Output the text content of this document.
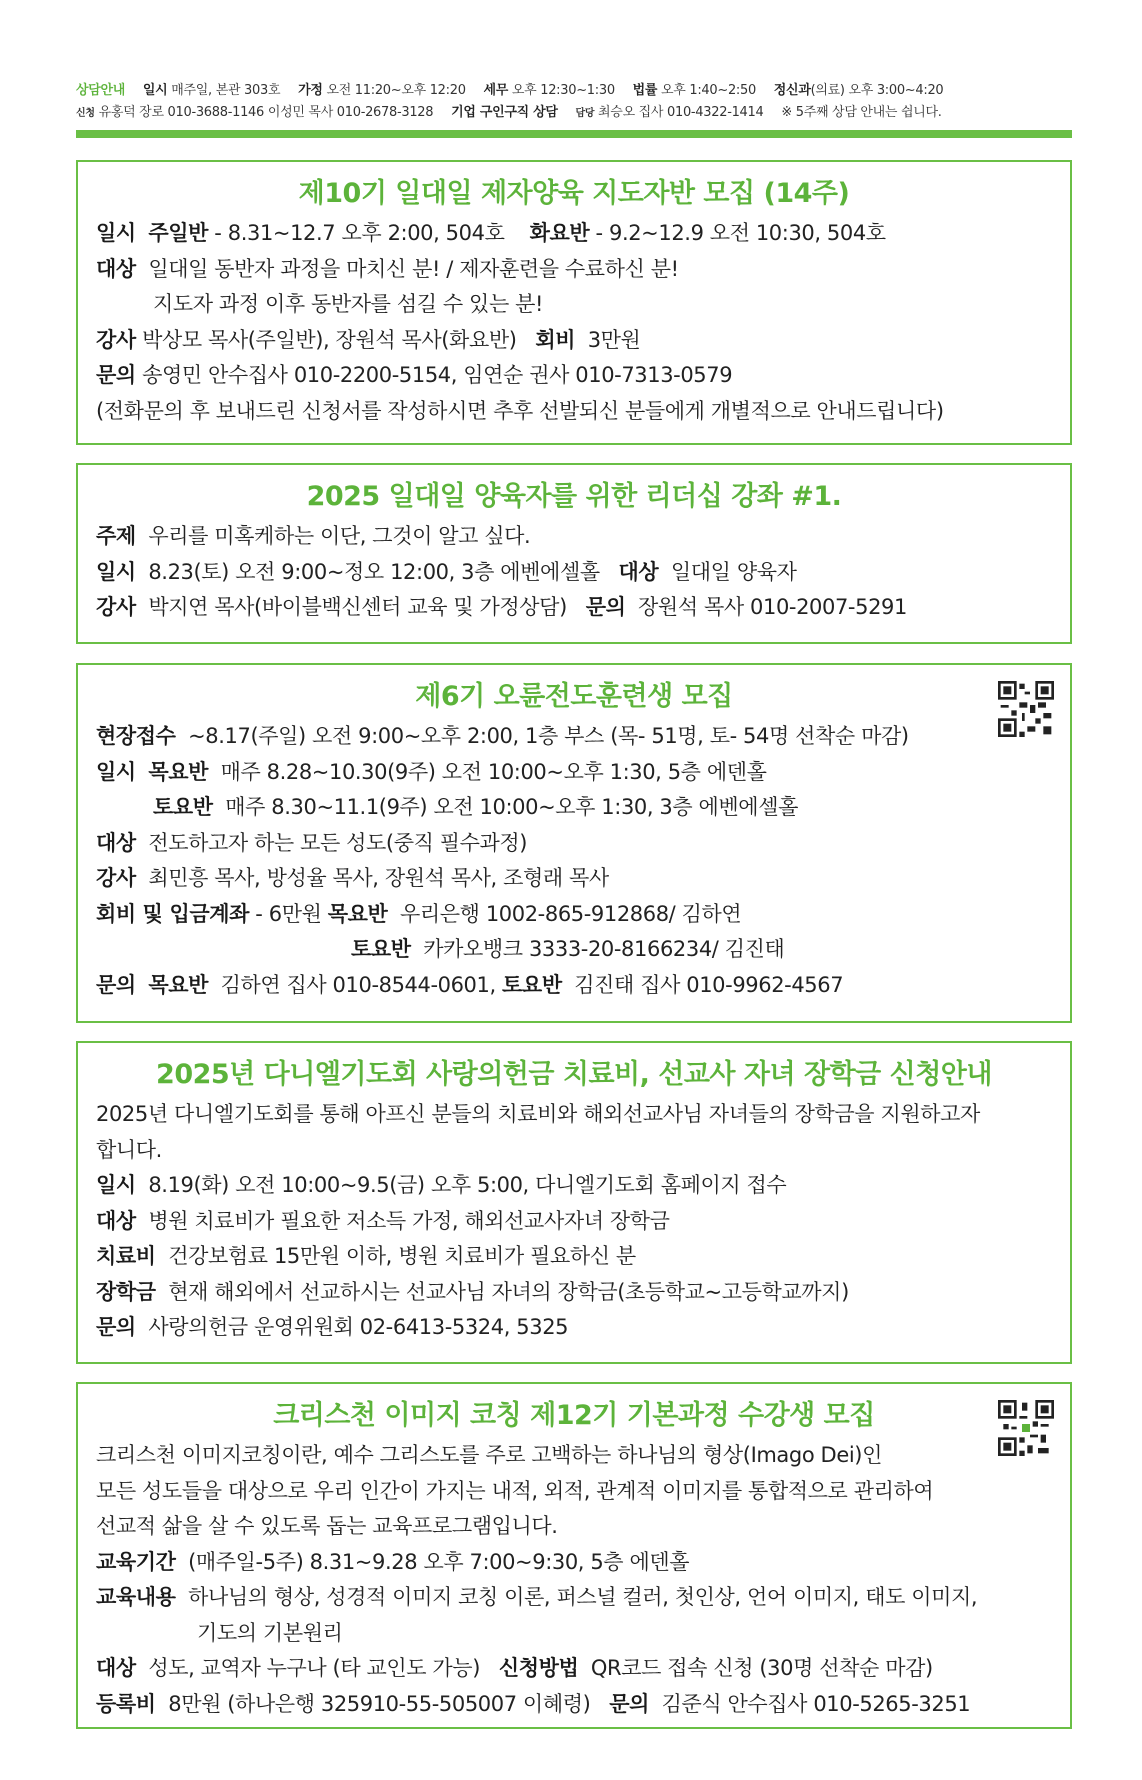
상담안내 일시 매주일, 본관 303호 가정 오전 11:20~오후 12:20 세무 오후 12:30~1:30 법률 오후 1:40~2:50 정신과(의료) 오후 3:00~4:20
신청 유홍덕 장로 010-3688-1146 이성민 목사 010-2678-3128 기업 구인구직 상담 담당 최승오 집사 010-4322-1414 ※ 5주째 상담 안내는 쉽니다.
제10기 일대일 제자양육 지도자반 모집 (14주)
일시 주일반 - 8.31~12.7 오후 2:00, 504호 화요반 - 9.2~12.9 오전 10:30, 504호
대상 일대일 동반자 과정을 마치신 분! / 제자훈련을 수료하신 분!
지도자 과정 이후 동반자를 섬길 수 있는 분!
강사 박상모 목사(주일반), 장원석 목사(화요반) 회비 3만원
문의 송영민 안수집사 010-2200-5154, 임연순 권사 010-7313-0579
(전화문의 후 보내드린 신청서를 작성하시면 추후 선발되신 분들에게 개별적으로 안내드립니다)
2025 일대일 양육자를 위한 리더십 강좌 #1.
주제 우리를 미혹케하는 이단, 그것이 알고 싶다.
일시 8.23(토) 오전 9:00~정오 12:00, 3층 에벤에셀홀 대상 일대일 양육자
강사 박지연 목사(바이블백신센터 교육 및 가정상담) 문의 장원석 목사 010-2007-5291
제6기 오륜전도훈련생 모집
현장접수 ~8.17(주일) 오전 9:00~오후 2:00, 1층 부스 (목- 51명, 토- 54명 선착순 마감)
일시 목요반 매주 8.28~10.30(9주) 오전 10:00~오후 1:30, 5층 에덴홀
토요반 매주 8.30~11.1(9주) 오전 10:00~오후 1:30, 3층 에벤에셀홀
대상 전도하고자 하는 모든 성도(중직 필수과정)
강사 최민흥 목사, 방성율 목사, 장원석 목사, 조형래 목사
회비 및 입금계좌 - 6만원 목요반 우리은행 1002-865-912868/ 김하연
토요반 카카오뱅크 3333-20-8166234/ 김진태
문의 목요반 김하연 집사 010-8544-0601, 토요반 김진태 집사 010-9962-4567
2025년 다니엘기도회 사랑의헌금 치료비, 선교사 자녀 장학금 신청안내
2025년 다니엘기도회를 통해 아프신 분들의 치료비와 해외선교사님 자녀들의 장학금을 지원하고자
합니다.
일시 8.19(화) 오전 10:00~9.5(금) 오후 5:00, 다니엘기도회 홈페이지 접수
대상 병원 치료비가 필요한 저소득 가정, 해외선교사자녀 장학금
치료비 건강보험료 15만원 이하, 병원 치료비가 필요하신 분
장학금 현재 해외에서 선교하시는 선교사님 자녀의 장학금(초등학교~고등학교까지)
문의 사랑의헌금 운영위원회 02-6413-5324, 5325
크리스천 이미지 코칭 제12기 기본과정 수강생 모집
크리스천 이미지코칭이란, 예수 그리스도를 주로 고백하는 하나님의 형상(Imago Dei)인
모든 성도들을 대상으로 우리 인간이 가지는 내적, 외적, 관계적 이미지를 통합적으로 관리하여
선교적 삶을 살 수 있도록 돕는 교육프로그램입니다.
교육기간 (매주일-5주) 8.31~9.28 오후 7:00~9:30, 5층 에덴홀
교육내용 하나님의 형상, 성경적 이미지 코칭 이론, 퍼스널 컬러, 첫인상, 언어 이미지, 태도 이미지,
기도의 기본원리
대상 성도, 교역자 누구나 (타 교인도 가능) 신청방법 QR코드 접속 신청 (30명 선착순 마감)
등록비 8만원 (하나은행 325910-55-505007 이혜령) 문의 김준식 안수집사 010-5265-3251
